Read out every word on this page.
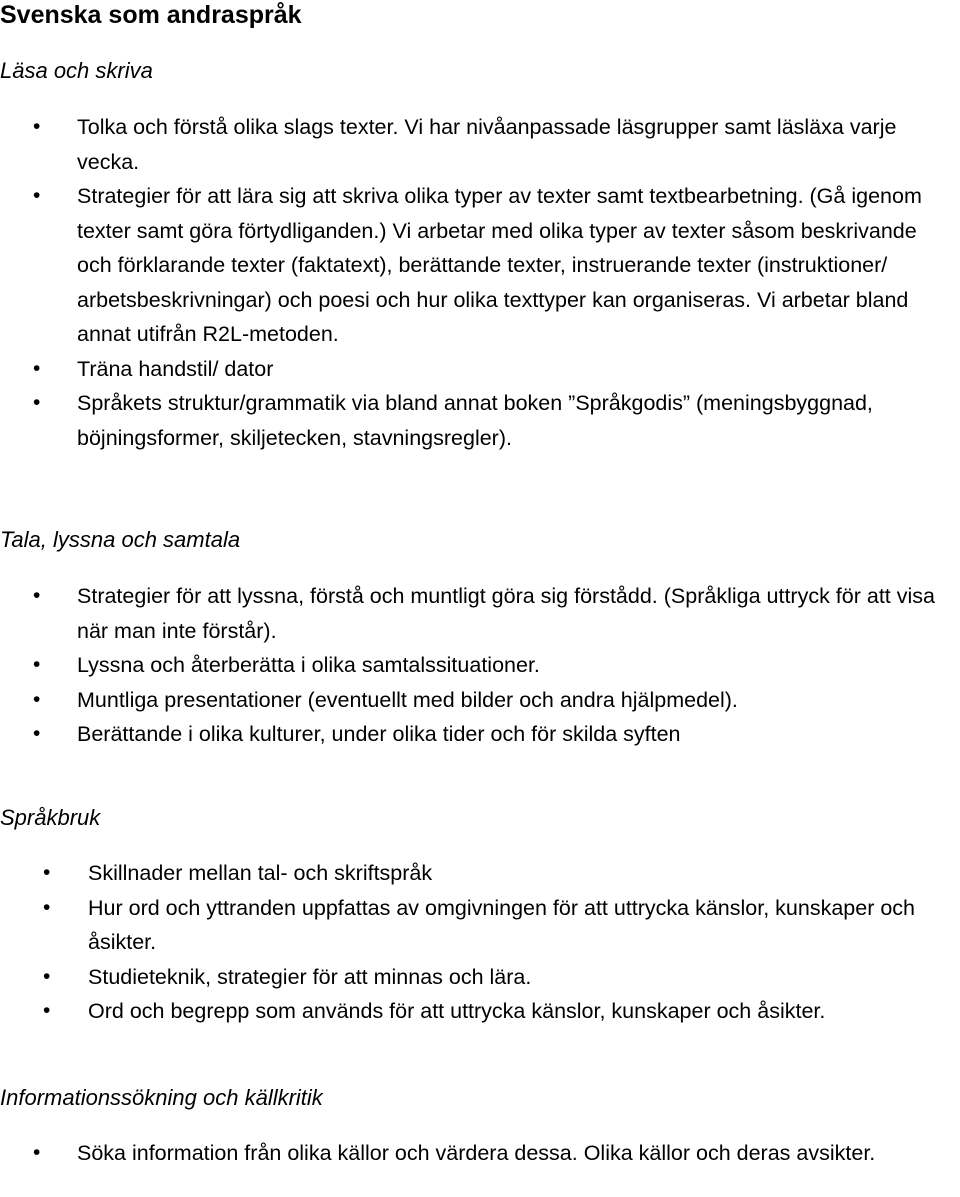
Svenska som andraspråk
Läsa och skriva
• Tolka och förstå olika slags texter. Vi har nivåanpassade läsgrupper samt läsläxa varje vecka.
• Strategier för att lära sig att skriva olika typer av texter samt textbearbetning. (Gå igenom texter samt göra förtydliganden.) Vi arbetar med olika typer av texter såsom beskrivande och förklarande texter (faktatext), berättande texter, instruerande texter (instruktioner/ arbetsbeskrivningar) och poesi och hur olika texttyper kan organiseras. Vi arbetar bland annat utifrån R2L-metoden.
• Träna handstil/ dator
• Språkets struktur/grammatik via bland annat boken ”Språkgodis” (meningsbyggnad, böjningsformer, skiljetecken, stavningsregler).
Tala, lyssna och samtala
• Strategier för att lyssna, förstå och muntligt göra sig förstådd. (Språkliga uttryck för att visa när man inte förstår).
• Lyssna och återberätta i olika samtalssituationer.
• Muntliga presentationer (eventuellt med bilder och andra hjälpmedel).
• Berättande i olika kulturer, under olika tider och för skilda syften
Språkbruk
• Skillnader mellan tal- och skriftspråk
• Hur ord och yttranden uppfattas av omgivningen för att uttrycka känslor, kunskaper och åsikter.
• Studieteknik, strategier för att minnas och lära.
• Ord och begrepp som används för att uttrycka känslor, kunskaper och åsikter.
Informationssökning och källkritik
• Söka information från olika källor och värdera dessa. Olika källor och deras avsikter.
